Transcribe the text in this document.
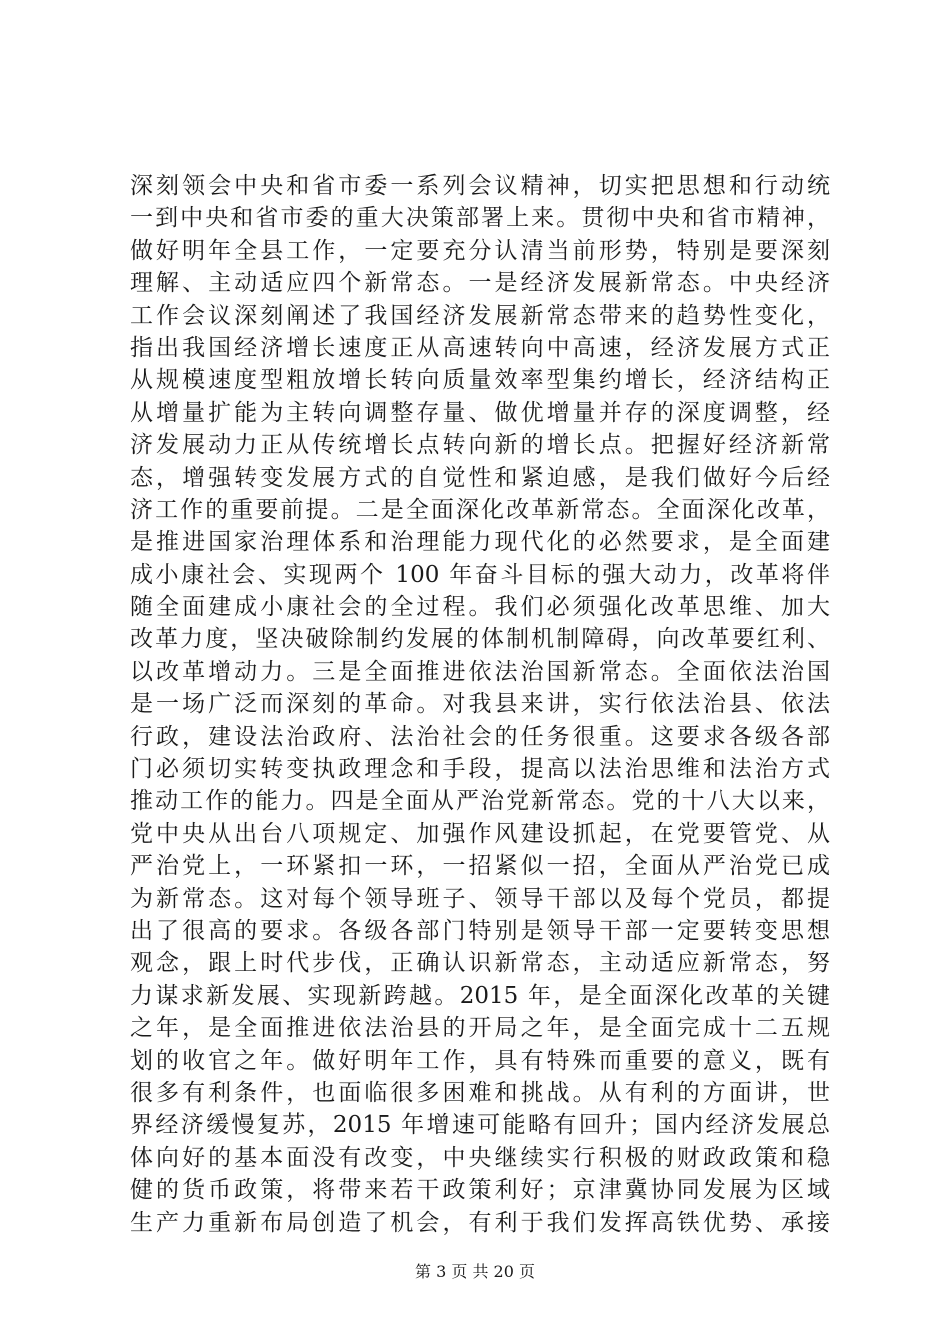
深刻领会中央和省市委一系列会议精神，切实把思想和行动统
一到中央和省市委的重大决策部署上来。贯彻中央和省市精神，
做好明年全县工作，一定要充分认清当前形势，特别是要深刻
理解、主动适应四个新常态。一是经济发展新常态。中央经济
工作会议深刻阐述了我国经济发展新常态带来的趋势性变化，
指出我国经济增长速度正从高速转向中高速，经济发展方式正
从规模速度型粗放增长转向质量效率型集约增长，经济结构正
从增量扩能为主转向调整存量、做优增量并存的深度调整，经
济发展动力正从传统增长点转向新的增长点。把握好经济新常
态，增强转变发展方式的自觉性和紧迫感，是我们做好今后经
济工作的重要前提。二是全面深化改革新常态。全面深化改革，
是推进国家治理体系和治理能力现代化的必然要求，是全面建
成小康社会、实现两个 100 年奋斗目标的强大动力，改革将伴
随全面建成小康社会的全过程。我们必须强化改革思维、加大
改革力度，坚决破除制约发展的体制机制障碍，向改革要红利、
以改革增动力。三是全面推进依法治国新常态。全面依法治国
是一场广泛而深刻的革命。对我县来讲，实行依法治县、依法
行政，建设法治政府、法治社会的任务很重。这要求各级各部
门必须切实转变执政理念和手段，提高以法治思维和法治方式
推动工作的能力。四是全面从严治党新常态。党的十八大以来，
党中央从出台八项规定、加强作风建设抓起，在党要管党、从
严治党上，一环紧扣一环，一招紧似一招，全面从严治党已成
为新常态。这对每个领导班子、领导干部以及每个党员，都提
出了很高的要求。各级各部门特别是领导干部一定要转变思想
观念，跟上时代步伐，正确认识新常态，主动适应新常态，努
力谋求新发展、实现新跨越。2015 年，是全面深化改革的关键
之年，是全面推进依法治县的开局之年，是全面完成十二五规
划的收官之年。做好明年工作，具有特殊而重要的意义，既有
很多有利条件，也面临很多困难和挑战。从有利的方面讲，世
界经济缓慢复苏，2015 年增速可能略有回升；国内经济发展总
体向好的基本面没有改变，中央继续实行积极的财政政策和稳
健的货币政策，将带来若干政策利好；京津冀协同发展为区域
生产力重新布局创造了机会，有利于我们发挥高铁优势、承接
第 3 页 共 20 页
